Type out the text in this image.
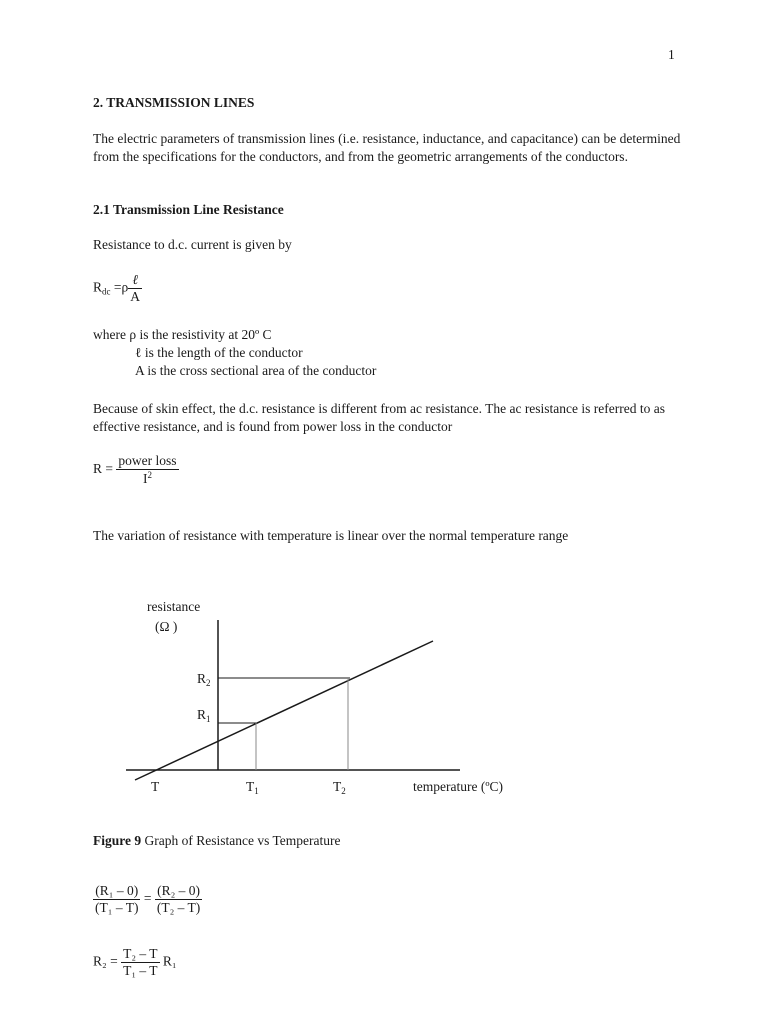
1
2. TRANSMISSION LINES
The electric parameters of transmission lines (i.e. resistance, inductance, and capacitance) can be determined from the specifications for the conductors, and from the geometric arrangements of the conductors.
2.1 Transmission Line Resistance
Resistance to d.c. current is given by
$R_{dc} =\rho \frac{\text{ℓ}}{A}$
where ρ is the resistivity at 20º C
ℓ is the length of the conductor
A is the cross sectional area of the conductor
Because of skin effect, the d.c. resistance is different from ac resistance. The ac resistance is referred to as effective resistance, and is found from power loss in the conductor
$R = \frac{\text{power loss}}{I^2}$
The variation of resistance with temperature is linear over the normal temperature range
resistance
(Ω )
$R_2$
$R_1$
T	$T_1$	$T_2$	temperature (ºC)
Figure 9 Graph of Resistance vs Temperature
$\frac{\text{(R₁ – 0)}}{\text{(T₁ – T)}} = \frac{\text{(R₂ – 0)}}{\text{(T₂ – T)}}$
$R_2 = \frac{\text{T₂ – T}}{\text{T₁ – T}} R_1$
